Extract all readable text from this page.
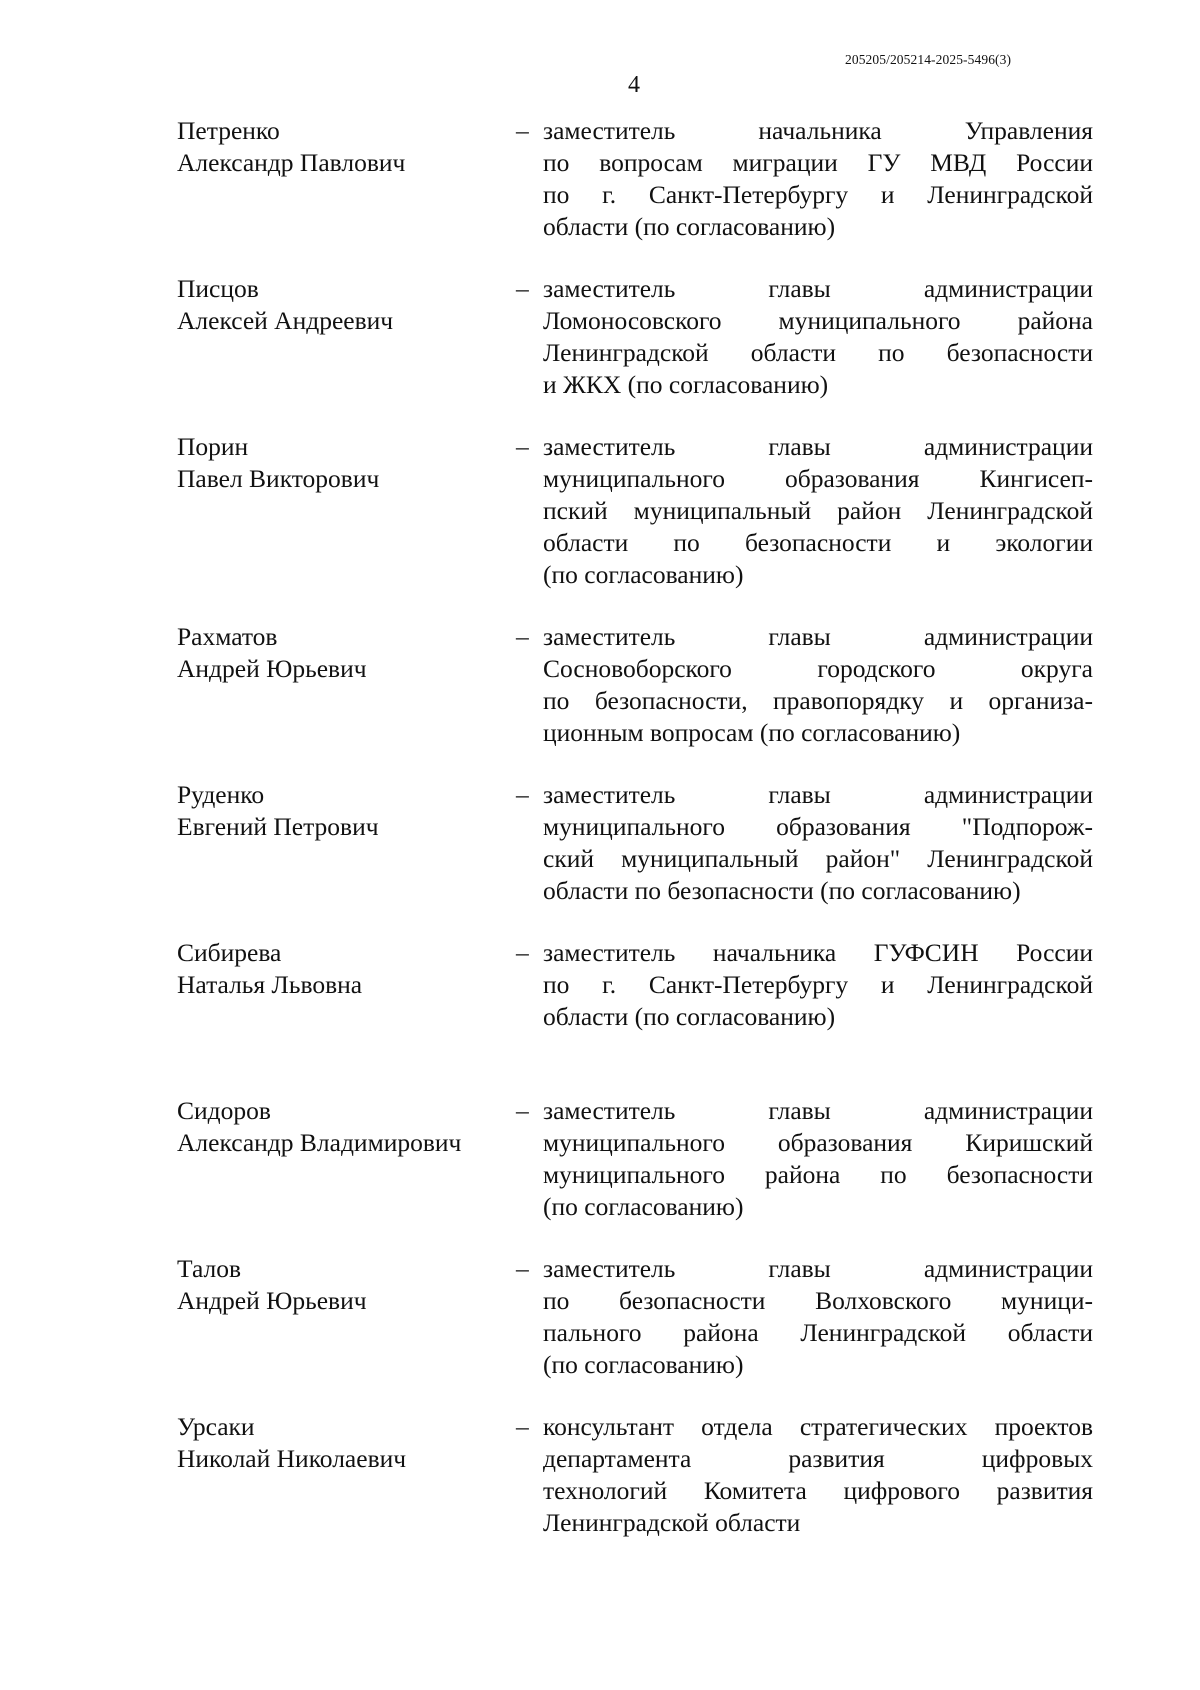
205205/205214-2025-5496(3)
4
Петренко
Александр Павлович
– заместитель начальника Управления
по вопросам миграции ГУ МВД России
по г. Санкт-Петербургу и Ленинградской
области (по согласованию)
Писцов
Алексей Андреевич
– заместитель главы администрации
Ломоносовского муниципального района
Ленинградской области по безопасности
и ЖКХ (по согласованию)
Порин
Павел Викторович
– заместитель главы администрации
муниципального образования Кингисеп-
пский муниципальный район Ленинградской
области по безопасности и экологии
(по согласованию)
Рахматов
Андрей Юрьевич
– заместитель главы администрации
Сосновоборского городского округа
по безопасности, правопорядку и организа-
ционным вопросам (по согласованию)
Руденко
Евгений Петрович
– заместитель главы администрации
муниципального образования "Подпорож-
ский муниципальный район" Ленинградской
области по безопасности (по согласованию)
Сибирева
Наталья Львовна
– заместитель начальника ГУФСИН России
по г. Санкт-Петербургу и Ленинградской
области (по согласованию)
Сидоров
Александр Владимирович
– заместитель главы администрации
муниципального образования Киришский
муниципального района по безопасности
(по согласованию)
Талов
Андрей Юрьевич
– заместитель главы администрации
по безопасности Волховского муници-
пального района Ленинградской области
(по согласованию)
Урсаки
Николай Николаевич
– консультант отдела стратегических проектов
департамента развития цифровых
технологий Комитета цифрового развития
Ленинградской области
